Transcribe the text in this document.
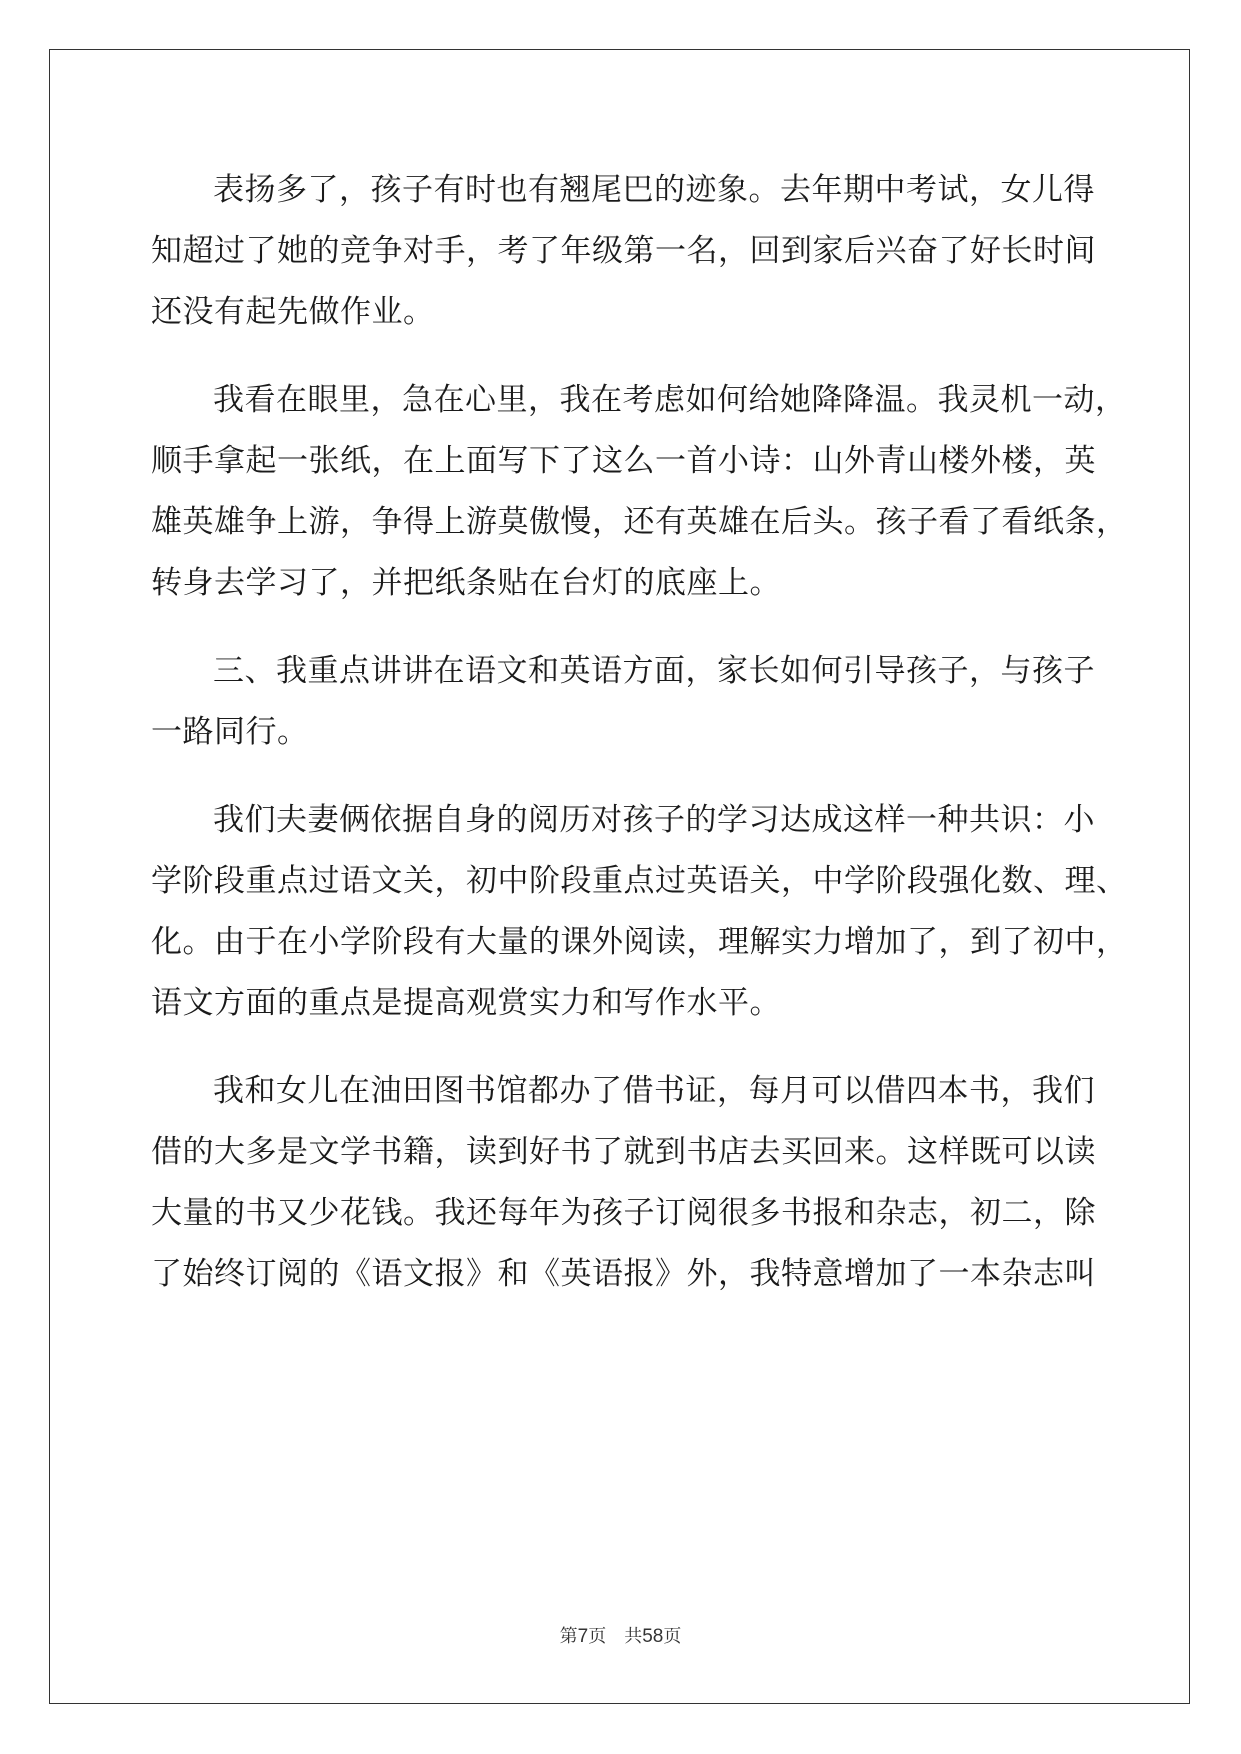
表扬多了，孩子有时也有翘尾巴的迹象。去年期中考试，女儿得
知超过了她的竞争对手，考了年级第一名，回到家后兴奋了好长时间
还没有起先做作业。

我看在眼里，急在心里，我在考虑如何给她降降温。我灵机一动，
顺手拿起一张纸，在上面写下了这么一首小诗：山外青山楼外楼，英
雄英雄争上游，争得上游莫傲慢，还有英雄在后头。孩子看了看纸条，
转身去学习了，并把纸条贴在台灯的底座上。

三、我重点讲讲在语文和英语方面，家长如何引导孩子，与孩子
一路同行。

我们夫妻俩依据自身的阅历对孩子的学习达成这样一种共识：小
学阶段重点过语文关，初中阶段重点过英语关，中学阶段强化数、理、
化。由于在小学阶段有大量的课外阅读，理解实力增加了，到了初中，
语文方面的重点是提高观赏实力和写作水平。

我和女儿在油田图书馆都办了借书证，每月可以借四本书，我们
借的大多是文学书籍，读到好书了就到书店去买回来。这样既可以读
大量的书又少花钱。我还每年为孩子订阅很多书报和杂志，初二，除
了始终订阅的《语文报》和《英语报》外，我特意增加了一本杂志叫

第7页  共58页
